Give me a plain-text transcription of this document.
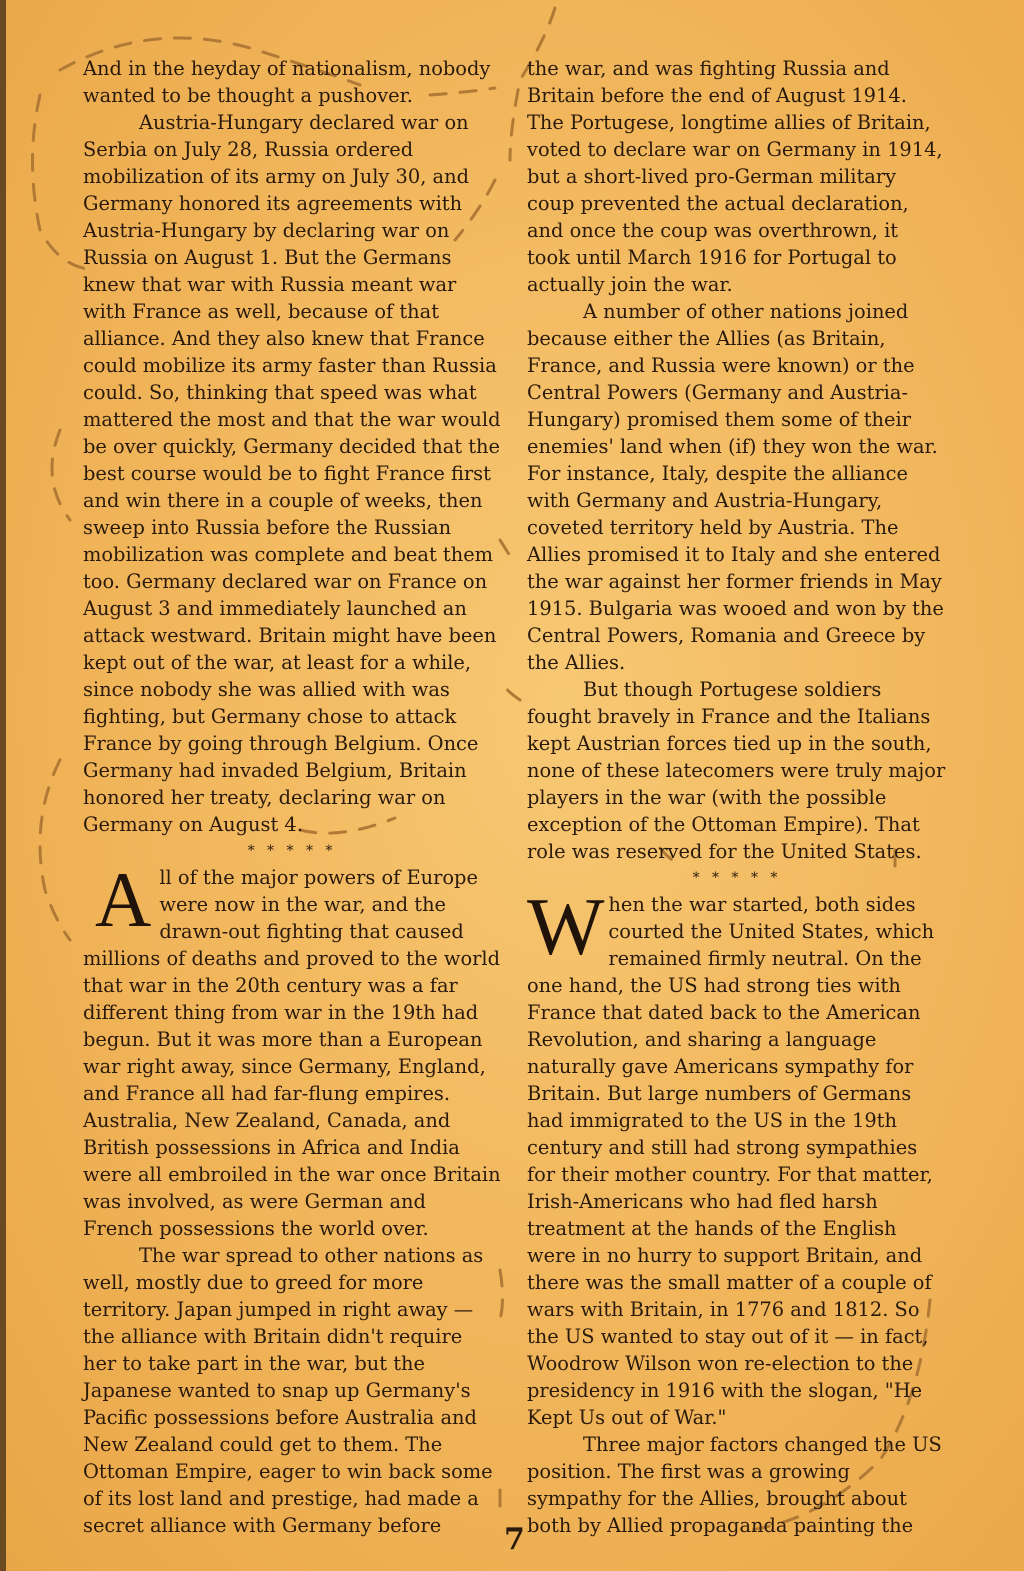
And in the heyday of nationalism, nobody wanted to be thought a pushover.

Austria-Hungary declared war on Serbia on July 28, Russia ordered mobilization of its army on July 30, and Germany honored its agreements with Austria-Hungary by declaring war on Russia on August 1. But the Germans knew that war with Russia meant war with France as well, because of that alliance. And they also knew that France could mobilize its army faster than Russia could. So, thinking that speed was what mattered the most and that the war would be over quickly, Germany decided that the best course would be to fight France first and win there in a couple of weeks, then sweep into Russia before the Russian mobilization was complete and beat them too. Germany declared war on France on August 3 and immediately launched an attack westward. Britain might have been kept out of the war, at least for a while, since nobody she was allied with was fighting, but Germany chose to attack France by going through Belgium. Once Germany had invaded Belgium, Britain honored her treaty, declaring war on Germany on August 4.

* * * * *

All of the major powers of Europe were now in the war, and the drawn-out fighting that caused millions of deaths and proved to the world that war in the 20th century was a far different thing from war in the 19th had begun. But it was more than a European war right away, since Germany, England, and France all had far-flung empires. Australia, New Zealand, Canada, and British possessions in Africa and India were all embroiled in the war once Britain was involved, as were German and French possessions the world over.

The war spread to other nations as well, mostly due to greed for more territory. Japan jumped in right away — the alliance with Britain didn't require her to take part in the war, but the Japanese wanted to snap up Germany's Pacific possessions before Australia and New Zealand could get to them. The Ottoman Empire, eager to win back some of its lost land and prestige, had made a secret alliance with Germany before

the war, and was fighting Russia and Britain before the end of August 1914. The Portugese, longtime allies of Britain, voted to declare war on Germany in 1914, but a short-lived pro-German military coup prevented the actual declaration, and once the coup was overthrown, it took until March 1916 for Portugal to actually join the war.

A number of other nations joined because either the Allies (as Britain, France, and Russia were known) or the Central Powers (Germany and Austria-Hungary) promised them some of their enemies' land when (if) they won the war. For instance, Italy, despite the alliance with Germany and Austria-Hungary, coveted territory held by Austria. The Allies promised it to Italy and she entered the war against her former friends in May 1915. Bulgaria was wooed and won by the Central Powers, Romania and Greece by the Allies.

But though Portugese soldiers fought bravely in France and the Italians kept Austrian forces tied up in the south, none of these latecomers were truly major players in the war (with the possible exception of the Ottoman Empire). That role was reserved for the United States.

* * * * *

When the war started, both sides courted the United States, which remained firmly neutral. On the one hand, the US had strong ties with France that dated back to the American Revolution, and sharing a language naturally gave Americans sympathy for Britain. But large numbers of Germans had immigrated to the US in the 19th century and still had strong sympathies for their mother country. For that matter, Irish-Americans who had fled harsh treatment at the hands of the English were in no hurry to support Britain, and there was the small matter of a couple of wars with Britain, in 1776 and 1812. So the US wanted to stay out of it — in fact, Woodrow Wilson won re-election to the presidency in 1916 with the slogan, "He Kept Us out of War."

Three major factors changed the US position. The first was a growing sympathy for the Allies, brought about both by Allied propaganda painting the

7
